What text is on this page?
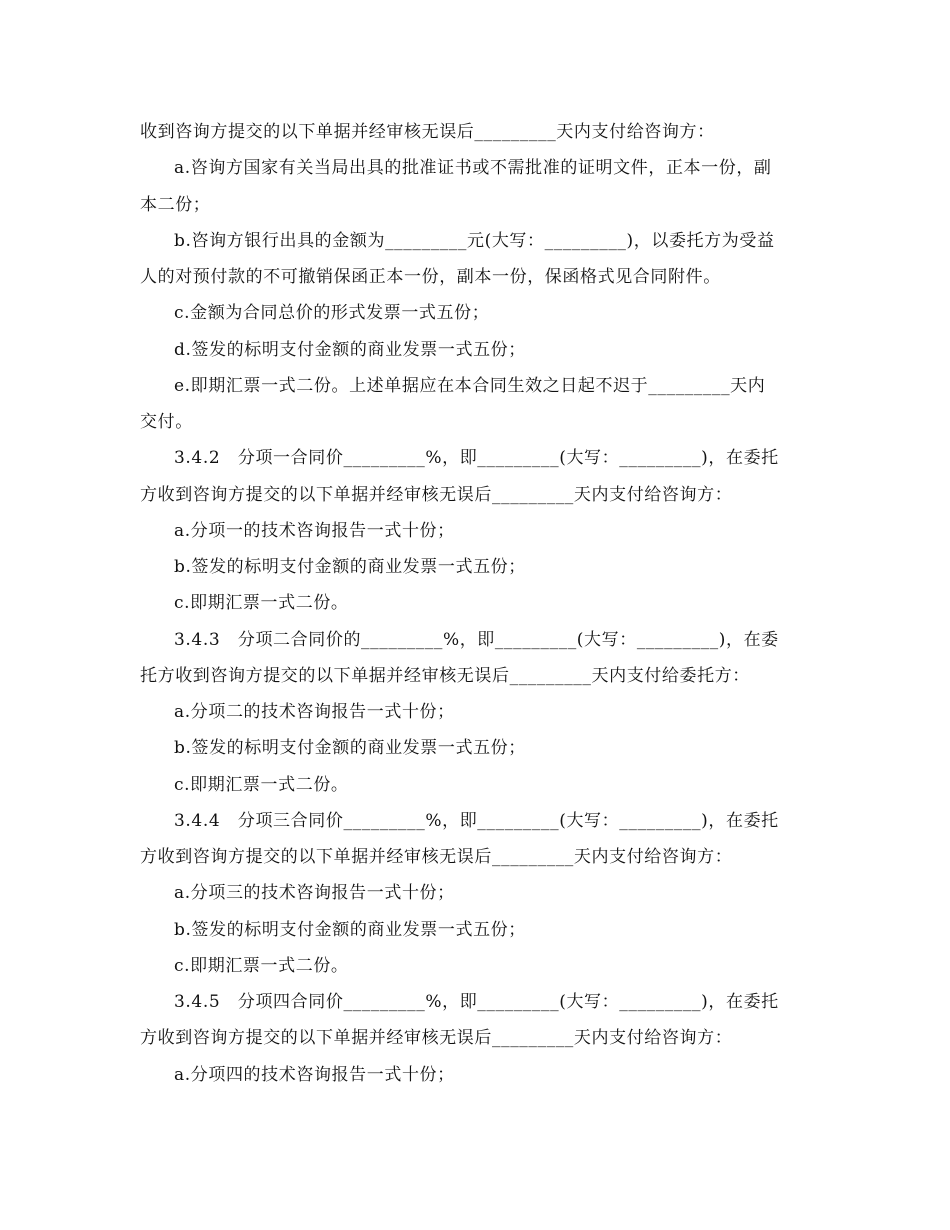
收到咨询方提交的以下单据并经审核无误后_________天内支付给咨询方：
a.咨询方国家有关当局出具的批准证书或不需批准的证明文件，正本一份，副
本二份；
b.咨询方银行出具的金额为_________元(大写：_________)，以委托方为受益
人的对预付款的不可撤销保函正本一份，副本一份，保函格式见合同附件。
c.金额为合同总价的形式发票一式五份；
d.签发的标明支付金额的商业发票一式五份；
e.即期汇票一式二份。上述单据应在本合同生效之日起不迟于_________天内
交付。
3.4.2　分项一合同价_________%，即_________(大写：_________)，在委托
方收到咨询方提交的以下单据并经审核无误后_________天内支付给咨询方：
a.分项一的技术咨询报告一式十份；
b.签发的标明支付金额的商业发票一式五份；
c.即期汇票一式二份。
3.4.3　分项二合同价的_________%，即_________(大写：_________)，在委
托方收到咨询方提交的以下单据并经审核无误后_________天内支付给委托方：
a.分项二的技术咨询报告一式十份；
b.签发的标明支付金额的商业发票一式五份；
c.即期汇票一式二份。
3.4.4　分项三合同价_________%，即_________(大写：_________)，在委托
方收到咨询方提交的以下单据并经审核无误后_________天内支付给咨询方：
a.分项三的技术咨询报告一式十份；
b.签发的标明支付金额的商业发票一式五份；
c.即期汇票一式二份。
3.4.5　分项四合同价_________%，即_________(大写：_________)，在委托
方收到咨询方提交的以下单据并经审核无误后_________天内支付给咨询方：
a.分项四的技术咨询报告一式十份；
